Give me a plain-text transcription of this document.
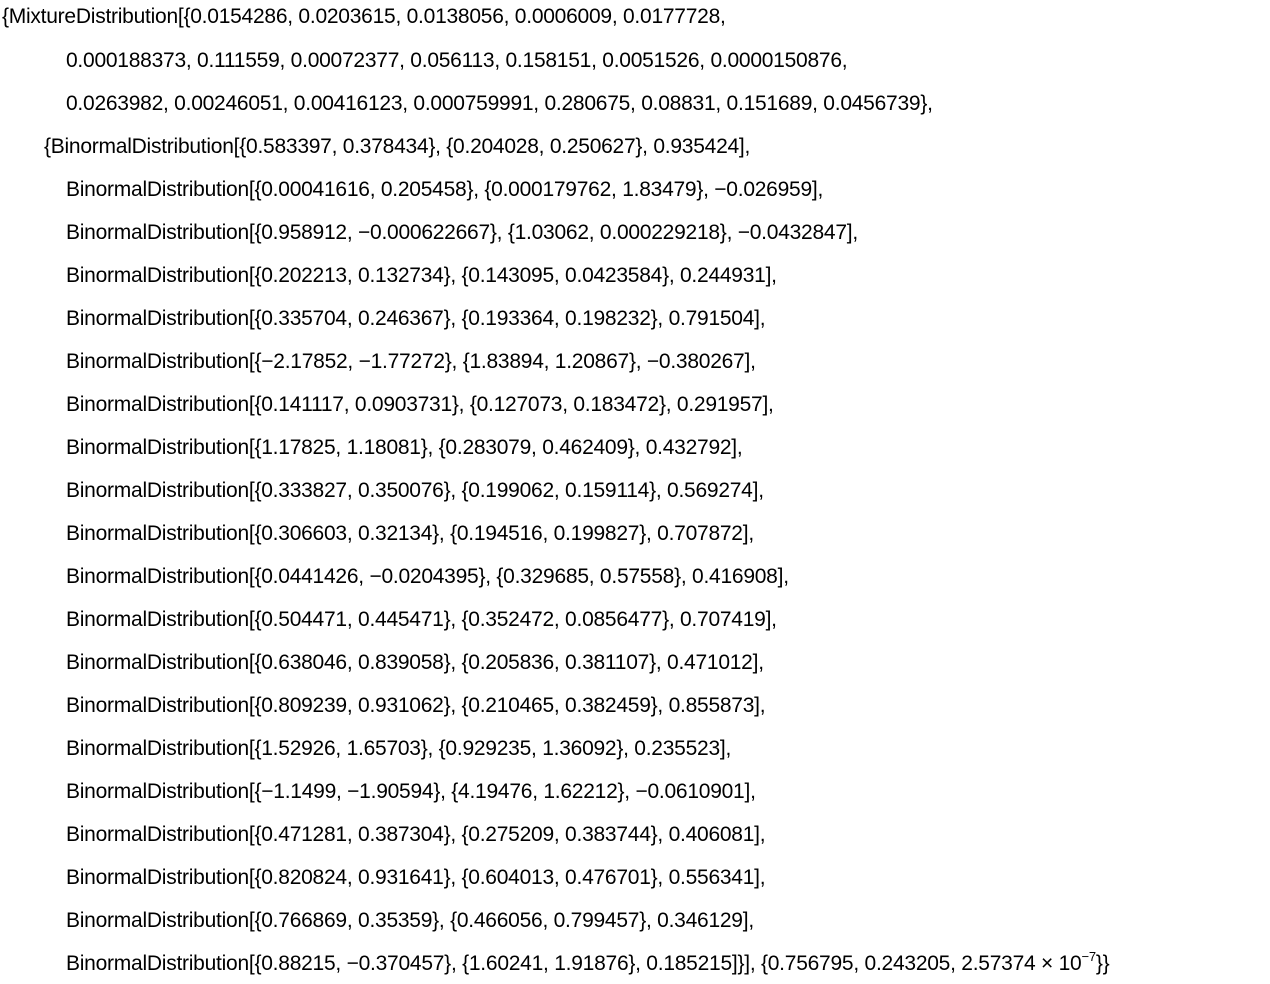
{MixtureDistribution[{0.0154286, 0.0203615, 0.0138056, 0.0006009, 0.0177728,
0.000188373, 0.111559, 0.00072377, 0.056113, 0.158151, 0.0051526, 0.0000150876,
0.0263982, 0.00246051, 0.00416123, 0.000759991, 0.280675, 0.08831, 0.151689, 0.0456739},
{BinormalDistribution[{0.583397, 0.378434}, {0.204028, 0.250627}, 0.935424],
BinormalDistribution[{0.00041616, 0.205458}, {0.000179762, 1.83479}, −0.026959],
BinormalDistribution[{0.958912, −0.000622667}, {1.03062, 0.000229218}, −0.0432847],
BinormalDistribution[{0.202213, 0.132734}, {0.143095, 0.0423584}, 0.244931],
BinormalDistribution[{0.335704, 0.246367}, {0.193364, 0.198232}, 0.791504],
BinormalDistribution[{−2.17852, −1.77272}, {1.83894, 1.20867}, −0.380267],
BinormalDistribution[{0.141117, 0.0903731}, {0.127073, 0.183472}, 0.291957],
BinormalDistribution[{1.17825, 1.18081}, {0.283079, 0.462409}, 0.432792],
BinormalDistribution[{0.333827, 0.350076}, {0.199062, 0.159114}, 0.569274],
BinormalDistribution[{0.306603, 0.32134}, {0.194516, 0.199827}, 0.707872],
BinormalDistribution[{0.0441426, −0.0204395}, {0.329685, 0.57558}, 0.416908],
BinormalDistribution[{0.504471, 0.445471}, {0.352472, 0.0856477}, 0.707419],
BinormalDistribution[{0.638046, 0.839058}, {0.205836, 0.381107}, 0.471012],
BinormalDistribution[{0.809239, 0.931062}, {0.210465, 0.382459}, 0.855873],
BinormalDistribution[{1.52926, 1.65703}, {0.929235, 1.36092}, 0.235523],
BinormalDistribution[{−1.1499, −1.90594}, {4.19476, 1.62212}, −0.0610901],
BinormalDistribution[{0.471281, 0.387304}, {0.275209, 0.383744}, 0.406081],
BinormalDistribution[{0.820824, 0.931641}, {0.604013, 0.476701}, 0.556341],
BinormalDistribution[{0.766869, 0.35359}, {0.466056, 0.799457}, 0.346129],
BinormalDistribution[{0.88215, −0.370457}, {1.60241, 1.91876}, 0.185215]}], {0.756795, 0.243205, $2.57374 \times 10^{-7}$}}
